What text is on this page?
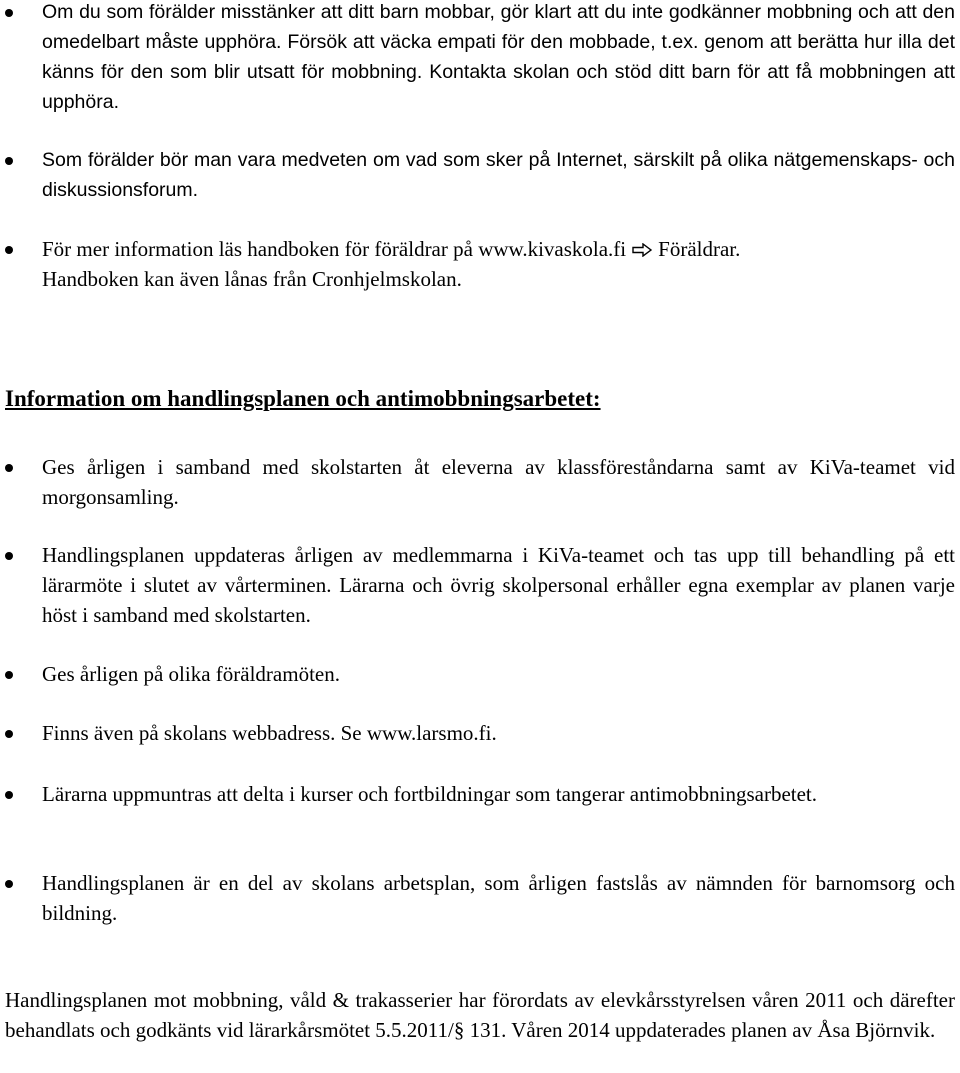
Om du som förälder misstänker att ditt barn mobbar, gör klart att du inte godkänner mobbning och att den omedelbart måste upphöra. Försök att väcka empati för den mobbade, t.ex. genom att berätta hur illa det känns för den som blir utsatt för mobbning. Kontakta skolan och stöd ditt barn för att få mobbningen att upphöra.
Som förälder bör man vara medveten om vad som sker på Internet, särskilt på olika nätgemenskaps- och diskussionsforum.
För mer information läs handboken för föräldrar på www.kivaskola.fi Föräldrar.
Handboken kan även lånas från Cronhjelmskolan.
Information om handlingsplanen och antimobbningsarbetet:
Ges årligen i samband med skolstarten åt eleverna av klassföreståndarna samt av KiVa-teamet vid morgonsamling.
Handlingsplanen uppdateras årligen av medlemmarna i KiVa-teamet och tas upp till behandling på ett lärarmöte i slutet av vårterminen. Lärarna och övrig skolpersonal erhåller egna exemplar av planen varje höst i samband med skolstarten.
Ges årligen på olika föräldramöten.
Finns även på skolans webbadress. Se www.larsmo.fi.
Lärarna uppmuntras att delta i kurser och fortbildningar som tangerar antimobbningsarbetet.
Handlingsplanen är en del av skolans arbetsplan, som årligen fastslås av nämnden för barnomsorg och bildning.
Handlingsplanen mot mobbning, våld & trakasserier har förordats av elevkårsstyrelsen våren 2011 och därefter behandlats och godkänts vid lärarkårsmötet 5.5.2011/§ 131. Våren 2014 uppdaterades planen av Åsa Björnvik.
